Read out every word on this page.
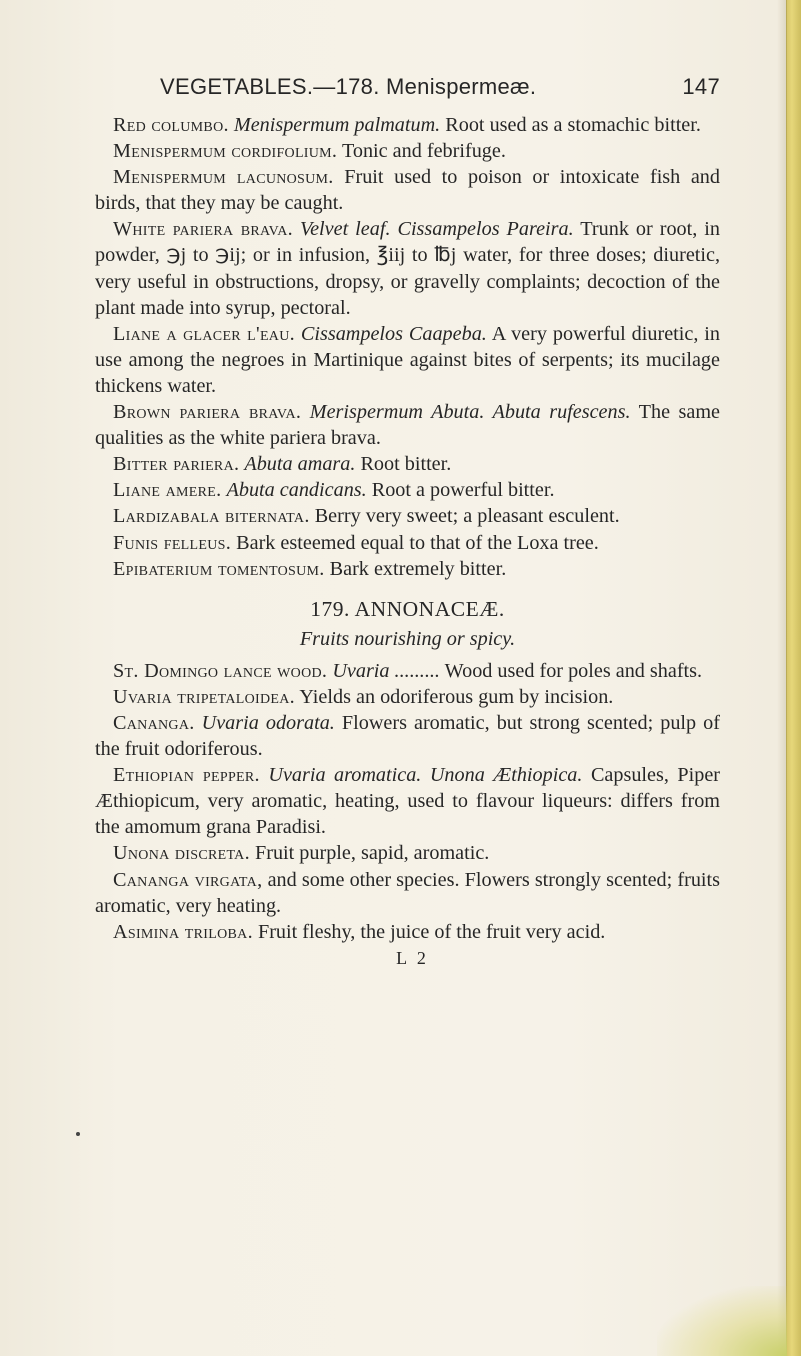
VEGETABLES.—178. Menispermeæ.	147

Red columbo. Menispermum palmatum. Root used as a stomachic bitter.

Menispermum cordifolium. Tonic and febrifuge.

Menispermum lacunosum. Fruit used to poison or intoxicate fish and birds, that they may be caught.

White pariera brava. Velvet leaf. Cissampelos Pareira. Trunk or root, in powder, ℈j to ℈ij; or in infusion, ℥iij to ℔j water, for three doses; diuretic, very useful in obstructions, dropsy, or gravelly complaints; decoction of the plant made into syrup, pectoral.

Liane a glacer l'eau. Cissampelos Caapeba. A very powerful diuretic, in use among the negroes in Martinique against bites of serpents; its mucilage thickens water.

Brown pariera brava. Merispermum Abuta. Abuta rufescens. The same qualities as the white pariera brava.

Bitter pariera. Abuta amara. Root bitter.

Liane amere. Abuta candicans. Root a powerful bitter.

Lardizabala biternata. Berry very sweet; a pleasant esculent.

Funis felleus. Bark esteemed equal to that of the Loxa tree.

Epibaterium tomentosum. Bark extremely bitter.

179. ANNONACEÆ.
Fruits nourishing or spicy.

St. Domingo lance wood. Uvaria ......... Wood used for poles and shafts.

Uvaria tripetaloidea. Yields an odoriferous gum by incision.

Cananga. Uvaria odorata. Flowers aromatic, but strong scented; pulp of the fruit odoriferous.

Ethiopian pepper. Uvaria aromatica. Unona Æthiopica. Capsules, Piper Æthiopicum, very aromatic, heating, used to flavour liqueurs: differs from the amomum grana Paradisi.

Unona discreta. Fruit purple, sapid, aromatic.

Cananga virgata, and some other species. Flowers strongly scented; fruits aromatic, very heating.

Asimina triloba. Fruit fleshy, the juice of the fruit very acid.

L 2
